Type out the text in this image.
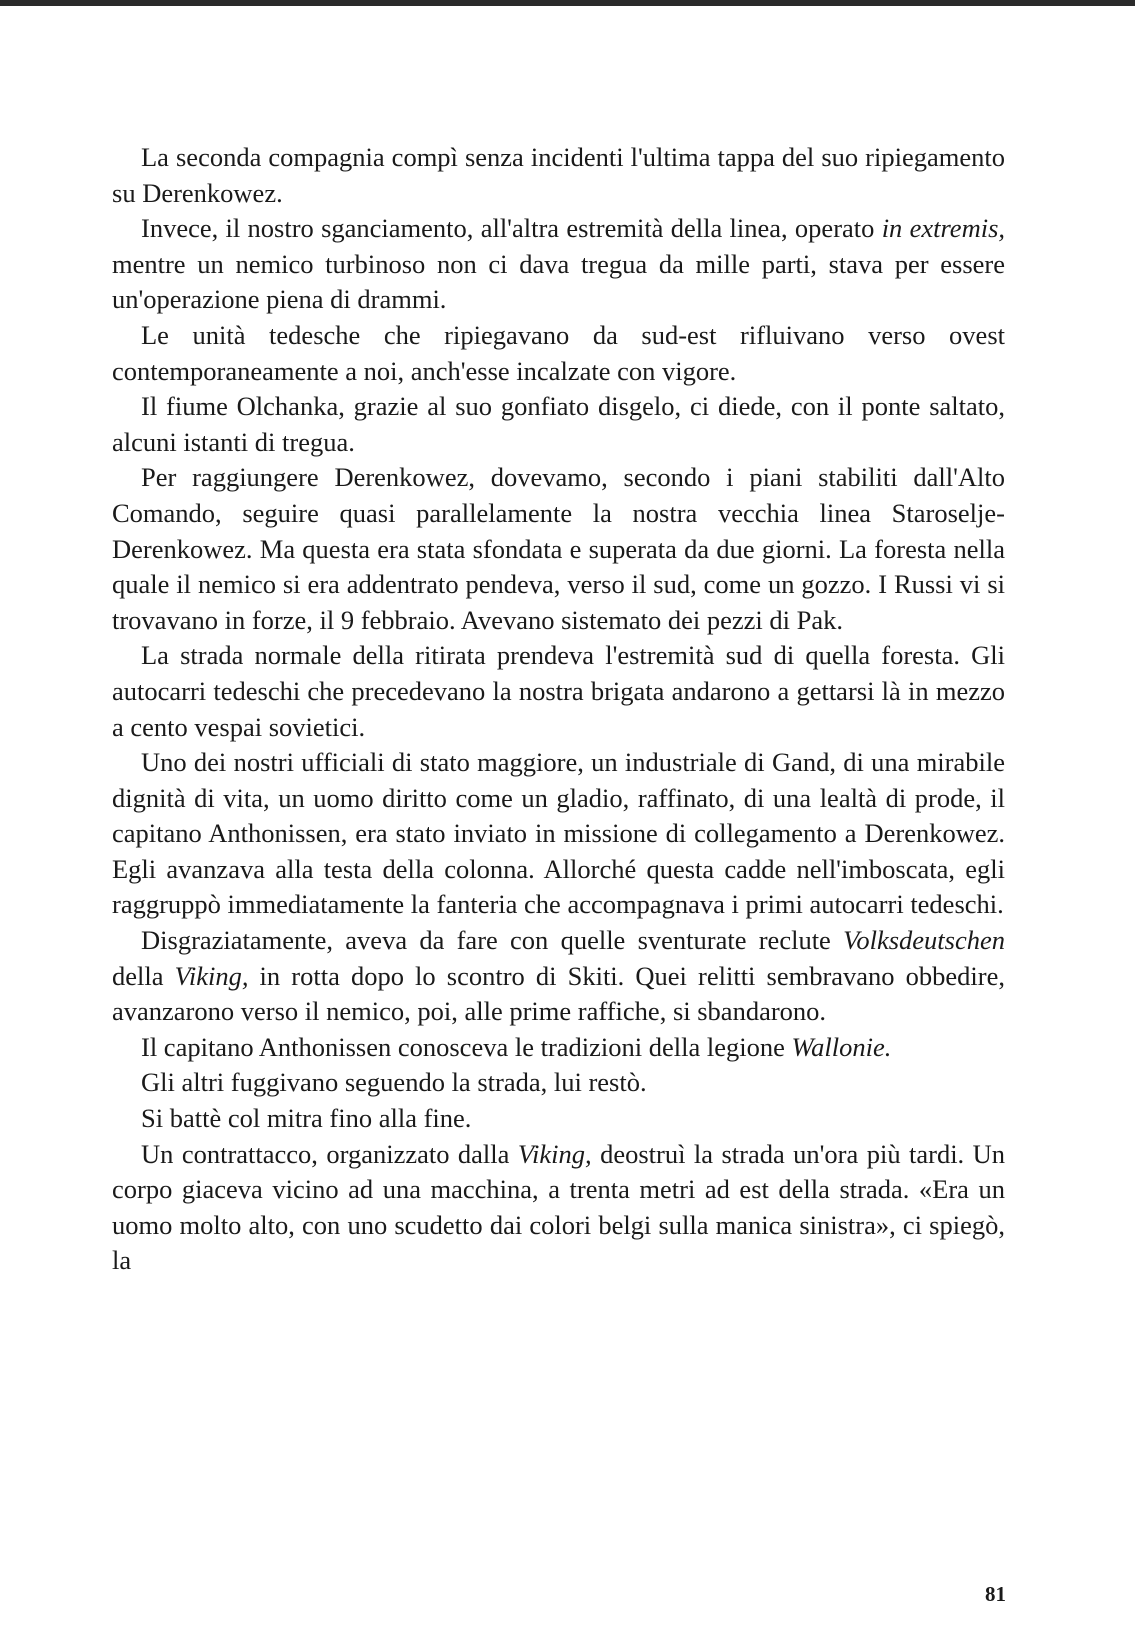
La seconda compagnia compì senza incidenti l'ultima tappa del suo ripiegamento su Derenkowez.

Invece, il nostro sganciamento, all'altra estremità della linea, operato in extremis, mentre un nemico turbinoso non ci dava tregua da mille parti, stava per essere un'operazione piena di drammi.

Le unità tedesche che ripiegavano da sud-est rifluivano verso ovest contemporaneamente a noi, anch'esse incalzate con vigore.

Il fiume Olchanka, grazie al suo gonfiato disgelo, ci diede, con il ponte saltato, alcuni istanti di tregua.

Per raggiungere Derenkowez, dovevamo, secondo i piani stabiliti dall'Alto Comando, seguire quasi parallelamente la nostra vecchia linea Staroselje-Derenkowez. Ma questa era stata sfondata e superata da due giorni. La foresta nella quale il nemico si era addentrato pendeva, verso il sud, come un gozzo. I Russi vi si trovavano in forze, il 9 febbraio. Avevano sistemato dei pezzi di Pak.

La strada normale della ritirata prendeva l'estremità sud di quella foresta. Gli autocarri tedeschi che precedevano la nostra brigata andarono a gettarsi là in mezzo a cento vespai sovietici.

Uno dei nostri ufficiali di stato maggiore, un industriale di Gand, di una mirabile dignità di vita, un uomo diritto come un gladio, raffinato, di una lealtà di prode, il capitano Anthonissen, era stato inviato in missione di collegamento a Derenkowez. Egli avanzava alla testa della colonna. Allorché questa cadde nell'imboscata, egli raggruppò immediatamente la fanteria che accompagnava i primi autocarri tedeschi.

Disgraziatamente, aveva da fare con quelle sventurate reclute Volksdeutschen della Viking, in rotta dopo lo scontro di Skiti. Quei relitti sembravano obbedire, avanzarono verso il nemico, poi, alle prime raffiche, si sbandarono.

Il capitano Anthonissen conosceva le tradizioni della legione Wallonie.

Gli altri fuggivano seguendo la strada, lui restò.

Si battè col mitra fino alla fine.

Un contrattacco, organizzato dalla Viking, deostruì la strada un'ora più tardi. Un corpo giaceva vicino ad una macchina, a trenta metri ad est della strada. «Era un uomo molto alto, con uno scudetto dai colori belgi sulla manica sinistra», ci spiegò, la

81
